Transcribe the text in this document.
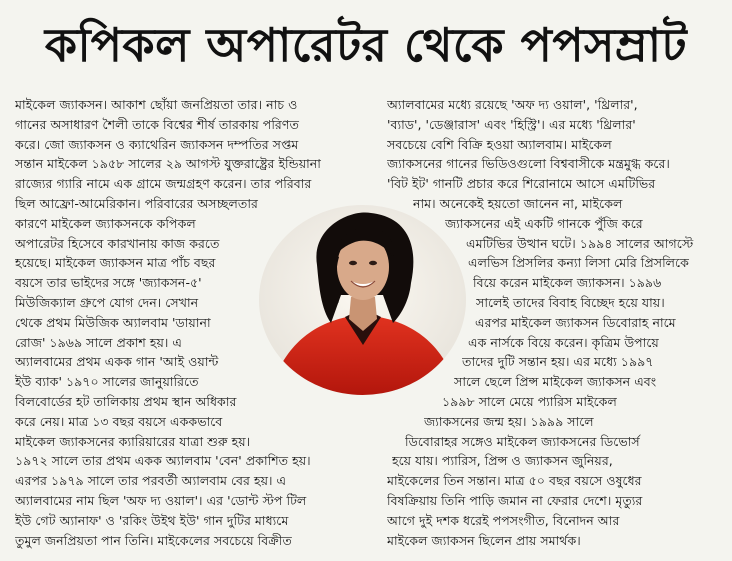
কপিকল অপারেটর থেকে পপসম্রাট
মাইকেল জ্যাকসন। আকাশ ছোঁয়া জনপ্রিয়তা তার। নাচ ও
গানের অসাধারণ শৈলী তাকে বিশ্বের শীর্ষ তারকায় পরিণত
করে। জো জ্যাকসন ও ক্যাথেরিন জ্যাকসন দম্পতির সপ্তম
সন্তান মাইকেল ১৯৫৮ সালের ২৯ আগস্ট যুক্তরাষ্ট্রের ইন্ডিয়ানা
রাজ্যের গ্যারি নামে এক গ্রামে জন্মগ্রহণ করেন। তার পরিবার
ছিল আফ্রো-আমেরিকান। পরিবারের অসচ্ছলতার
কারণে মাইকেল জ্যাকসনকে কপিকল
অপারেটর হিসেবে কারখানায় কাজ করতে
হয়েছে। মাইকেল জ্যাকসন মাত্র পাঁচ বছর
বয়সে তার ভাইদের সঙ্গে 'জ্যাকসন-৫'
মিউজিক্যাল গ্রুপে যোগ দেন। সেখান
থেকে প্রথম মিউজিক অ্যালবাম 'ডায়ানা
রোজ' ১৯৬৯ সালে প্রকাশ হয়। এ
অ্যালবামের প্রথম একক গান 'আই ওয়ান্ট
ইউ ব্যাক' ১৯৭০ সালের জানুয়ারিতে
বিলবোর্ডের হট তালিকায় প্রথম স্থান অধিকার
করে নেয়। মাত্র ১৩ বছর বয়সে এককভাবে
মাইকেল জ্যাকসনের ক্যারিয়ারের যাত্রা শুরু হয়।
১৯৭২ সালে তার প্রথম একক অ্যালবাম 'বেন' প্রকাশিত হয়।
এরপর ১৯৭৯ সালে তার পরবর্তী অ্যালবাম বের হয়। এ
অ্যালবামের নাম ছিল 'অফ দ্য ওয়াল'। এর 'ডোন্ট স্টপ টিল
ইউ গেট অ্যানাফ' ও 'রকিং উইথ ইউ' গান দুটির মাধ্যমে
তুমুল জনপ্রিয়তা পান তিনি। মাইকেলের সবচেয়ে বিক্রীত
অ্যালবামের মধ্যে রয়েছে 'অফ দ্য ওয়াল', 'থ্রিলার',
'ব্যাড', 'ডেঞ্জারাস' এবং 'হিস্ট্রি'। এর মধ্যে 'থ্রিলার'
সবচেয়ে বেশি বিক্রি হওয়া অ্যালবাম। মাইকেল
জ্যাকসনের গানের ভিডিওগুলো বিশ্ববাসীকে মন্ত্রমুগ্ধ করে।
'বিট ইট' গানটি প্রচার করে শিরোনামে আসে এমটিভির
নাম। অনেকেই হয়তো জানেন না, মাইকেল
জ্যাকসনের এই একটি গানকে পুঁজি করে
এমটিভির উত্থান ঘটে। ১৯৯৪ সালের আগস্টে
এলভিস প্রিসলির কন্যা লিসা মেরি প্রিসলিকে
বিয়ে করেন মাইকেল জ্যাকসন। ১৯৯৬
সালেই তাদের বিবাহ বিচ্ছেদ হয়ে যায়।
এরপর মাইকেল জ্যাকসন ডিবোরাহ নামে
এক নার্সকে বিয়ে করেন। কৃত্রিম উপায়ে
তাদের দুটি সন্তান হয়। এর মধ্যে ১৯৯৭
সালে ছেলে প্রিন্স মাইকেল জ্যাকসন এবং
১৯৯৮ সালে মেয়ে প্যারিস মাইকেল
জ্যাকসনের জন্ম হয়। ১৯৯৯ সালে
ডিবোরাহর সঙ্গেও মাইকেল জ্যাকসনের ডিভোর্স
হয়ে যায়। প্যারিস, প্রিন্স ও জ্যাকসন জুনিয়র,
মাইকেলের তিন সন্তান। মাত্র ৫০ বছর বয়সে ওষুধের
বিষক্রিয়ায় তিনি পাড়ি জমান না ফেরার দেশে। মৃত্যুর
আগে দুই দশক ধরেই পপসংগীত, বিনোদন আর
মাইকেল জ্যাকসন ছিলেন প্রায় সমার্থক।
